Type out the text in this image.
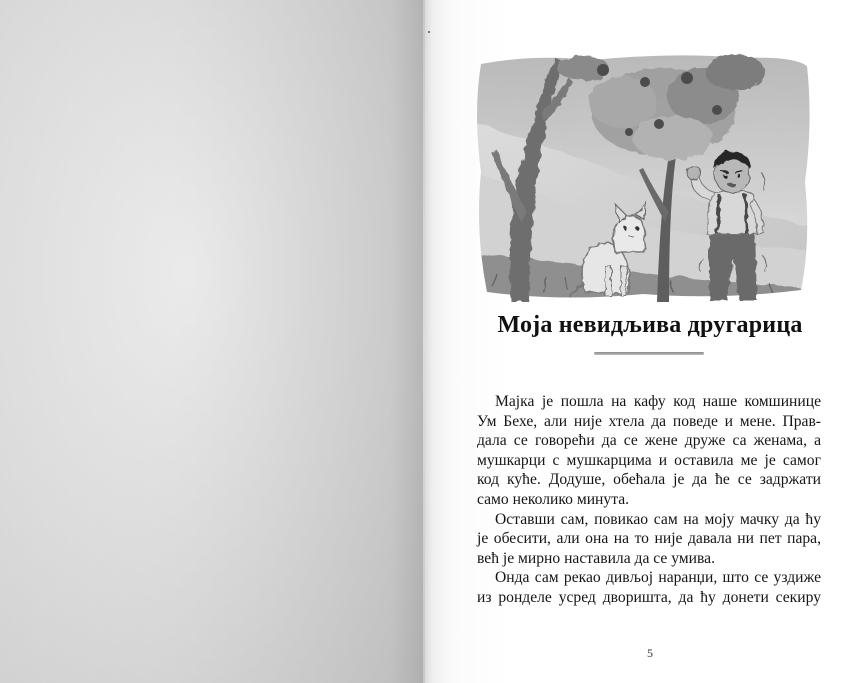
Моја невидљива другарица
Мајка је пошла на кафу код наше комшинице
Ум Бехе, али није хтела да поведе и мене. Прав-
дала се говорећи да се жене друже са женама, а
мушкарци с мушкарцима и оставила ме је самог
код куће. Додуше, обећала је да ће се задржати
само неколико минута.
Оставши сам, повикао сам на моју мачку да ћу
је обесити, али она на то није давала ни пет пара,
већ је мирно наставила да се умива.
Онда сам рекао дивљој наранџи, што се уздиже
из ронделе усред дворишта, да ћу донети секиру
5
